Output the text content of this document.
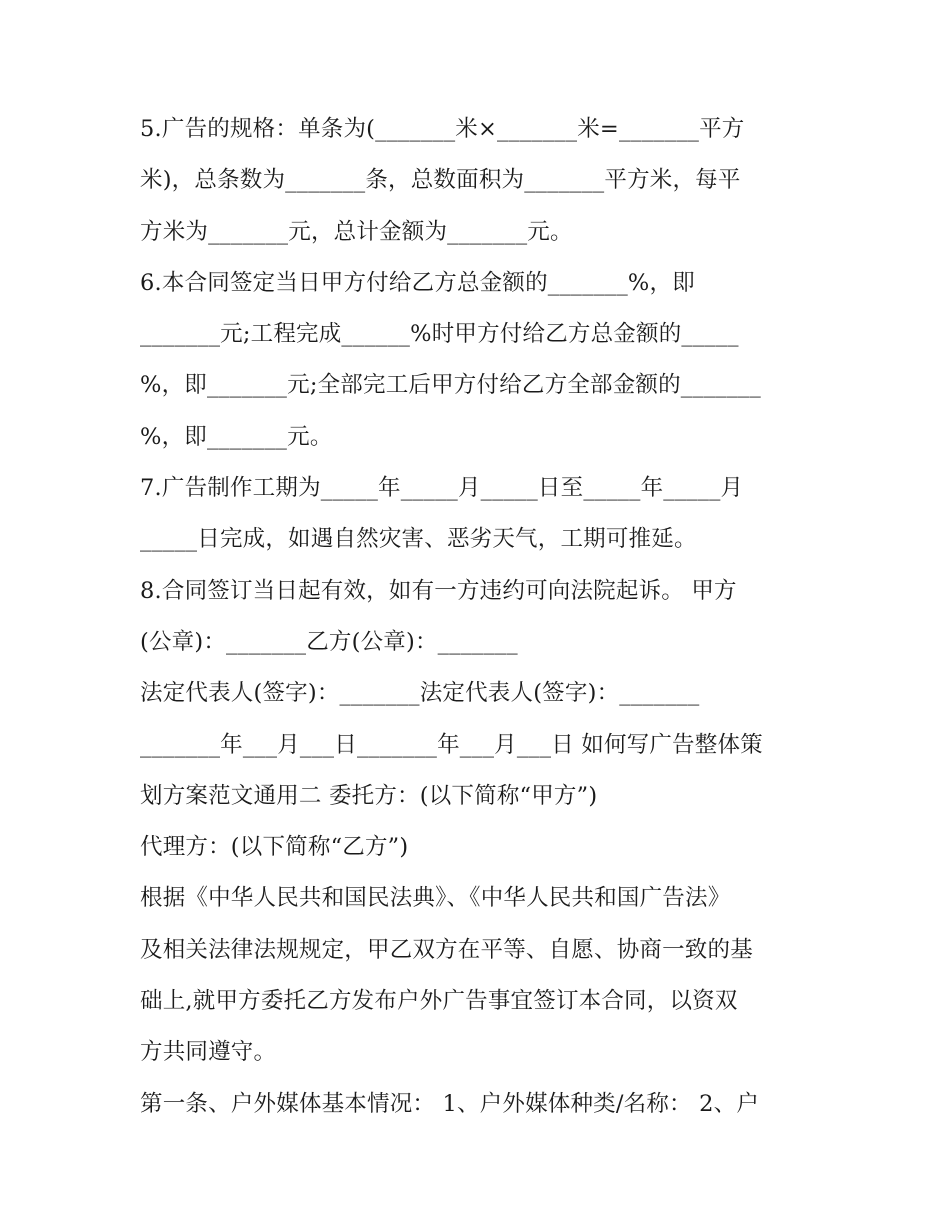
5.广告的规格：单条为(_______米×_______米=_______平方
米)，总条数为_______条，总数面积为_______平方米，每平
方米为_______元，总计金额为_______元。
6.本合同签定当日甲方付给乙方总金额的_______%，即
_______元;工程完成______%时甲方付给乙方总金额的_____
%，即_______元;全部完工后甲方付给乙方全部金额的_______
%，即_______元。
7.广告制作工期为_____年_____月_____日至_____年_____月
_____日完成，如遇自然灾害、恶劣天气，工期可推延。
8.合同签订当日起有效，如有一方违约可向法院起诉。 甲方
(公章)：_______乙方(公章)：_______
法定代表人(签字)：_______法定代表人(签字)：_______
_______年___月___日_______年___月___日 如何写广告整体策
划方案范文通用二 委托方：(以下简称“甲方”)
代理方：(以下简称“乙方”)
根据《中华人民共和国民法典》、《中华人民共和国广告法》
及相关法律法规规定，甲乙双方在平等、自愿、协商一致的基
础上,就甲方委托乙方发布户外广告事宜签订本合同，以资双
方共同遵守。
第一条、户外媒体基本情况： 1、户外媒体种类/名称： 2、户
